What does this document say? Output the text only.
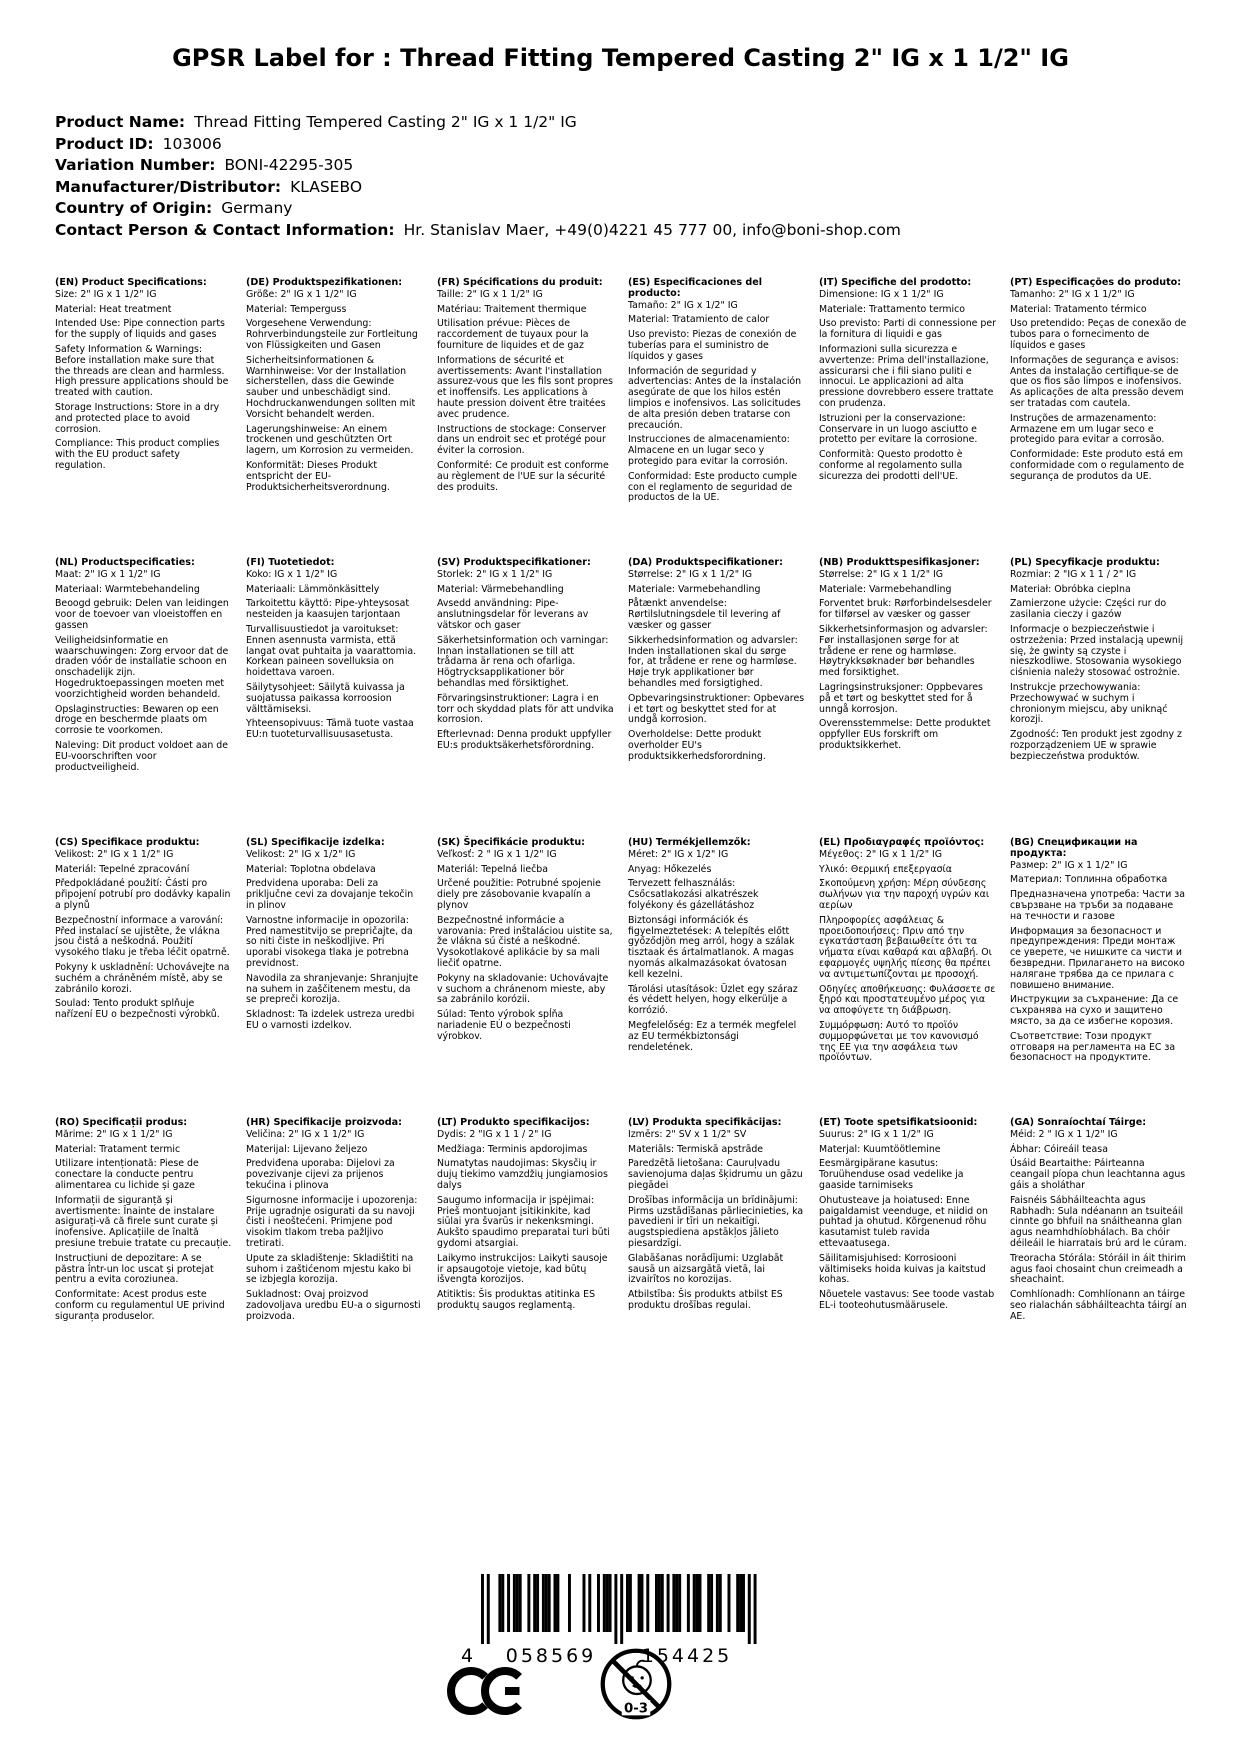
GPSR Label for : Thread Fitting Tempered Casting 2" IG x 1 1/2" IG
Product Name: Thread Fitting Tempered Casting 2" IG x 1 1/2" IG
Product ID: 103006
Variation Number: BONI-42295-305
Manufacturer/Distributor: KLASEBO
Country of Origin: Germany
Contact Person & Contact Information: Hr. Stanislav Maer, +49(0)4221 45 777 00, info@boni-shop.com
(EN) Product Specifications:
Size: 2" IG x 1 1/2" IG
Material: Heat treatment
Intended Use: Pipe connection parts for the supply of liquids and gases
Safety Information & Warnings: Before installation make sure that the threads are clean and harmless. High pressure applications should be treated with caution.
Storage Instructions: Store in a dry and protected place to avoid corrosion.
Compliance: This product complies with the EU product safety regulation.
(DE) Produktspezifikationen:
Größe: 2" IG x 1 1/2" IG
Material: Temperguss
Vorgesehene Verwendung: Rohrverbindungsteile zur Fortleitung von Flüssigkeiten und Gasen
Sicherheitsinformationen & Warnhinweise: Vor der Installation sicherstellen, dass die Gewinde sauber und unbeschädigt sind. Hochdruckanwendungen sollten mit Vorsicht behandelt werden.
Lagerungshinweise: An einem trockenen und geschützten Ort lagern, um Korrosion zu vermeiden.
Konformität: Dieses Produkt entspricht der EU-Produktsicherheitsverordnung.
(FR) Spécifications du produit:
Taille: 2" IG x 1 1/2" IG
Matériau: Traitement thermique
Utilisation prévue: Pièces de raccordement de tuyaux pour la fourniture de liquides et de gaz
Informations de sécurité et avertissements: Avant l'installation assurez-vous que les fils sont propres et inoffensifs. Les applications à haute pression doivent être traitées avec prudence.
Instructions de stockage: Conserver dans un endroit sec et protégé pour éviter la corrosion.
Conformité: Ce produit est conforme au règlement de l'UE sur la sécurité des produits.
(ES) Especificaciones del producto:
Tamaño: 2" IG x 1/2" IG
Material: Tratamiento de calor
Uso previsto: Piezas de conexión de tuberías para el suministro de líquidos y gases
Información de seguridad y advertencias: Antes de la instalación asegúrate de que los hilos estén limpios e inofensivos. Las solicitudes de alta presión deben tratarse con precaución.
Instrucciones de almacenamiento: Almacene en un lugar seco y protegido para evitar la corrosión.
Conformidad: Este producto cumple con el reglamento de seguridad de productos de la UE.
(IT) Specifiche del prodotto:
Dimensione: IG x 1 1/2" IG
Materiale: Trattamento termico
Uso previsto: Parti di connessione per la fornitura di liquidi e gas
Informazioni sulla sicurezza e avvertenze: Prima dell'installazione, assicurarsi che i fili siano puliti e innocui. Le applicazioni ad alta pressione dovrebbero essere trattate con prudenza.
Istruzioni per la conservazione: Conservare in un luogo asciutto e protetto per evitare la corrosione.
Conformità: Questo prodotto è conforme al regolamento sulla sicurezza dei prodotti dell'UE.
(PT) Especificações do produto:
Tamanho: 2" IG x 1 1/2" IG
Material: Tratamento térmico
Uso pretendido: Peças de conexão de tubos para o fornecimento de líquidos e gases
Informações de segurança e avisos: Antes da instalação certifique-se de que os fios são limpos e inofensivos. As aplicações de alta pressão devem ser tratadas com cautela.
Instruções de armazenamento: Armazene em um lugar seco e protegido para evitar a corrosão.
Conformidade: Este produto está em conformidade com o regulamento de segurança de produtos da UE.
(NL) Productspecificaties:
Maat: 2" IG x 1 1/2" IG
Materiaal: Warmtebehandeling
Beoogd gebruik: Delen van leidingen voor de toevoer van vloeistoffen en gassen
Veiligheidsinformatie en waarschuwingen: Zorg ervoor dat de draden vóór de installatie schoon en onschadelijk zijn. Hogedruktoepassingen moeten met voorzichtigheid worden behandeld.
Opslaginstructies: Bewaren op een droge en beschermde plaats om corrosie te voorkomen.
Naleving: Dit product voldoet aan de EU-voorschriften voor productveiligheid.
(FI) Tuotetiedot:
Koko: IG x 1 1/2" IG
Materiaali: Lämmönkäsittely
Tarkoitettu käyttö: Pipe-yhteysosat nesteiden ja kaasujen tarjontaan
Turvallisuustiedot ja varoitukset: Ennen asennusta varmista, että langat ovat puhtaita ja vaarattomia. Korkean paineen sovelluksia on hoidettava varoen.
Säilytysohjeet: Säilytä kuivassa ja suojatussa paikassa korroosion välttämiseksi.
Yhteensopivuus: Tämä tuote vastaa EU:n tuoteturvallisuusasetusta.
(SV) Produktspecifikationer:
Storlek: 2" IG x 1 1/2" IG
Material: Värmebehandling
Avsedd användning: Pipe-anslutningsdelar för leverans av vätskor och gaser
Säkerhetsinformation och varningar: Innan installationen se till att trådarna är rena och ofarliga. Högtrycksapplikationer bör behandlas med försiktighet.
Förvaringsinstruktioner: Lagra i en torr och skyddad plats för att undvika korrosion.
Efterlevnad: Denna produkt uppfyller EU:s produktsäkerhetsförordning.
(DA) Produktspecifikationer:
Størrelse: 2" IG x 1 1/2" IG
Materiale: Varmebehandling
Påtænkt anvendelse: Rørtilslutningsdele til levering af væsker og gasser
Sikkerhedsinformation og advarsler: Inden installationen skal du sørge for, at trådene er rene og harmløse. Høje tryk applikationer bør behandles med forsigtighed.
Opbevaringsinstruktioner: Opbevares i et tørt og beskyttet sted for at undgå korrosion.
Overholdelse: Dette produkt overholder EU's produktsikkerhedsforordning.
(NB) Produkttspesifikasjoner:
Størrelse: 2" IG x 1 1/2" IG
Materiale: Varmebehandling
Forventet bruk: Rørforbindelsesdeler for tilførsel av væsker og gasser
Sikkerhetsinformasjon og advarsler: Før installasjonen sørge for at trådene er rene og harmløse. Høytrykksøknader bør behandles med forsiktighet.
Lagringsinstruksjoner: Oppbevares på et tørt og beskyttet sted for å unngå korrosjon.
Overensstemmelse: Dette produktet oppfyller EUs forskrift om produktsikkerhet.
(PL) Specyfikacje produktu:
Rozmiar: 2 "IG x 1 1 / 2" IG
Materiał: Obróbka cieplna
Zamierzone użycie: Części rur do zasilania cieczy i gazów
Informacje o bezpieczeństwie i ostrzeżenia: Przed instalacją upewnij się, że gwinty są czyste i nieszkodliwe. Stosowania wysokiego ciśnienia należy stosować ostrożnie.
Instrukcje przechowywania: Przechowywać w suchym i chronionym miejscu, aby uniknąć korozji.
Zgodność: Ten produkt jest zgodny z rozporządzeniem UE w sprawie bezpieczeństwa produktów.
(CS) Specifikace produktu:
Velikost: 2" IG x 1 1/2" IG
Materiál: Tepelné zpracování
Předpokládané použití: Části pro připojení potrubí pro dodávky kapalin a plynů
Bezpečnostní informace a varování: Před instalací se ujistěte, že vlákna jsou čistá a neškodná. Použití vysokého tlaku je třeba léčit opatrně.
Pokyny k uskladnění: Uchovávejte na suchém a chráněném místě, aby se zabránilo korozi.
Soulad: Tento produkt splňuje nařízení EU o bezpečnosti výrobků.
(SL) Specifikacije izdelka:
Velikost: 2" IG x 1/2" IG
Material: Toplotna obdelava
Predvidena uporaba: Deli za priključne cevi za dovajanje tekočin in plinov
Varnostne informacije in opozorila: Pred namestitvijo se prepričajte, da so niti čiste in neškodljive. Pri uporabi visokega tlaka je potrebna previdnost.
Navodila za shranjevanje: Shranjujte na suhem in zaščitenem mestu, da se prepreči korozija.
Skladnost: Ta izdelek ustreza uredbi EU o varnosti izdelkov.
(SK) Špecifikácie produktu:
Veľkosť: 2 " IG x 1 1/2" IG
Materiál: Tepelná liečba
Určené použitie: Potrubné spojenie diely pre zásobovanie kvapalín a plynov
Bezpečnostné informácie a varovania: Pred inštaláciou uistite sa, že vlákna sú čisté a neškodné. Vysokotlakové aplikácie by sa mali liečiť opatrne.
Pokyny na skladovanie: Uchovávajte v suchom a chránenom mieste, aby sa zabránilo korózii.
Súlad: Tento výrobok spĺňa nariadenie EÚ o bezpečnosti výrobkov.
(HU) Termékjellemzők:
Méret: 2" IG x 1/2" IG
Anyag: Hőkezelés
Tervezett felhasználás: Csőcsatlakozási alkatrészek folyékony és gázellátáshoz
Biztonsági információk és figyelmeztetések: A telepítés előtt győződjön meg arról, hogy a szálak tisztaak és ártalmatlanok. A magas nyomás alkalmazásokat óvatosan kell kezelni.
Tárolási utasítások: Üzlet egy száraz és védett helyen, hogy elkerülje a korrózió.
Megfelelőség: Ez a termék megfelel az EU termékbiztonsági rendeletének.
(EL) Προδιαγραφές προϊόντος:
Μέγεθος: 2" IG x 1 1/2" IG
Υλικό: Θερμική επεξεργασία
Σκοπούμενη χρήση: Μέρη σύνδεσης σωλήνων για την παροχή υγρών και αερίων
Πληροφορίες ασφάλειας & προειδοποιήσεις: Πριν από την εγκατάσταση βεβαιωθείτε ότι τα νήματα είναι καθαρά και αβλαβή. Οι εφαρμογές υψηλής πίεσης θα πρέπει να αντιμετωπίζονται με προσοχή.
Οδηγίες αποθήκευσης: Φυλάσσετε σε ξηρό και προστατευμένο μέρος για να αποφύγετε τη διάβρωση.
Συμμόρφωση: Αυτό το προϊόν συμμορφώνεται με τον κανονισμό της ΕΕ για την ασφάλεια των προϊόντων.
(BG) Спецификации на продукта:
Размер: 2" IG x 1 1/2" IG
Материал: Топлинна обработка
Предназначена употреба: Части за свързване на тръби за подаване на течности и газове
Информация за безопасност и предупреждения: Преди монтаж се уверете, че нишките са чисти и безвредни. Прилагането на високо налягане трябва да се прилага с повишено внимание.
Инструкции за съхранение: Да се съхранява на сухо и защитено място, за да се избегне корозия.
Съответствие: Този продукт отговаря на регламента на ЕС за безопасност на продуктите.
(RO) Specificații produs:
Mărime: 2" IG x 1 1/2" IG
Material: Tratament termic
Utilizare intenționată: Piese de conectare la conducte pentru alimentarea cu lichide și gaze
Informații de siguranță și avertismente: Înainte de instalare asigurați-vă că firele sunt curate și inofensive. Aplicațiile de înaltă presiune trebuie tratate cu precauție.
Instrucțiuni de depozitare: A se păstra într-un loc uscat și protejat pentru a evita coroziunea.
Conformitate: Acest produs este conform cu regulamentul UE privind siguranța produselor.
(HR) Specifikacije proizvoda:
Veličina: 2" IG x 1 1/2" IG
Materijal: Lijevano željezo
Predviđena uporaba: Dijelovi za povezivanje cijevi za prijenos tekućina i plinova
Sigurnosne informacije i upozorenja: Prije ugradnje osigurati da su navoji čisti i neoštećeni. Primjene pod visokim tlakom treba pažljivo tretirati.
Upute za skladištenje: Skladištiti na suhom i zaštićenom mjestu kako bi se izbjegla korozija.
Sukladnost: Ovaj proizvod zadovoljava uredbu EU-a o sigurnosti proizvoda.
(LT) Produkto specifikacijos:
Dydis: 2 "IG x 1 1 / 2" IG
Medžiaga: Terminis apdorojimas
Numatytas naudojimas: Skysčių ir dujų tiekimo vamzdžių jungiamosios dalys
Saugumo informacija ir įspėjimai: Prieš montuojant įsitikinkite, kad siūlai yra švarūs ir nekenksmingi. Aukšto spaudimo preparatai turi būti gydomi atsargiai.
Laikymo instrukcijos: Laikyti sausoje ir apsaugotoje vietoje, kad būtų išvengta korozijos.
Atitiktis: Šis produktas atitinka ES produktų saugos reglamentą.
(LV) Produkta specifikācijas:
Izmērs: 2" SV x 1 1/2" SV
Materiāls: Termiskā apstrāde
Paredzētā lietošana: Cauruļvadu savienojuma daļas šķidrumu un gāzu piegādei
Drošības informācija un brīdinājumi: Pirms uzstādīšanas pārliecinieties, ka pavedieni ir tīri un nekaitīgi. augstspiediena apstākļos jālieto piesardzīgi.
Glabāšanas norādījumi: Uzglabāt sausā un aizsargātā vietā, lai izvairītos no korozijas.
Atbilstība: Šis produkts atbilst ES produktu drošības regulai.
(ET) Toote spetsifikatsioonid:
Suurus: 2" IG x 1 1/2" IG
Materjal: Kuumtöötlemine
Eesmärgipärane kasutus: Toruühenduse osad vedelike ja gaaside tarnimiseks
Ohutusteave ja hoiatused: Enne paigaldamist veenduge, et niidid on puhtad ja ohutud. Kõrgenenud rõhu kasutamist tuleb ravida ettevaatusega.
Säilitamisjuhised: Korrosiooni vältimiseks hoida kuivas ja kaitstud kohas.
Nõuetele vastavus: See toode vastab EL-i tooteohutusmäärusele.
(GA) Sonraíochtaí Táirge:
Méid: 2 " IG x 1 1/2" IG
Ábhar: Cóireáil teasa
Úsáid Beartaithe: Páirteanna ceangail píopa chun leachtanna agus gáis a sholáthar
Faisnéis Sábháilteachta agus Rabhadh: Sula ndéanann an tsuiteáil cinnte go bhfuil na snáitheanna glan agus neamhdhíobhálach. Ba chóir déileáil le hiarratais brú ard le cúram.
Treoracha Stórála: Stóráil in áit thirim agus faoi chosaint chun creimeadh a sheachaint.
Comhlíonadh: Comhlíonann an táirge seo rialachán sábháilteachta táirgí an AE.
4 058569 154425
0-3
